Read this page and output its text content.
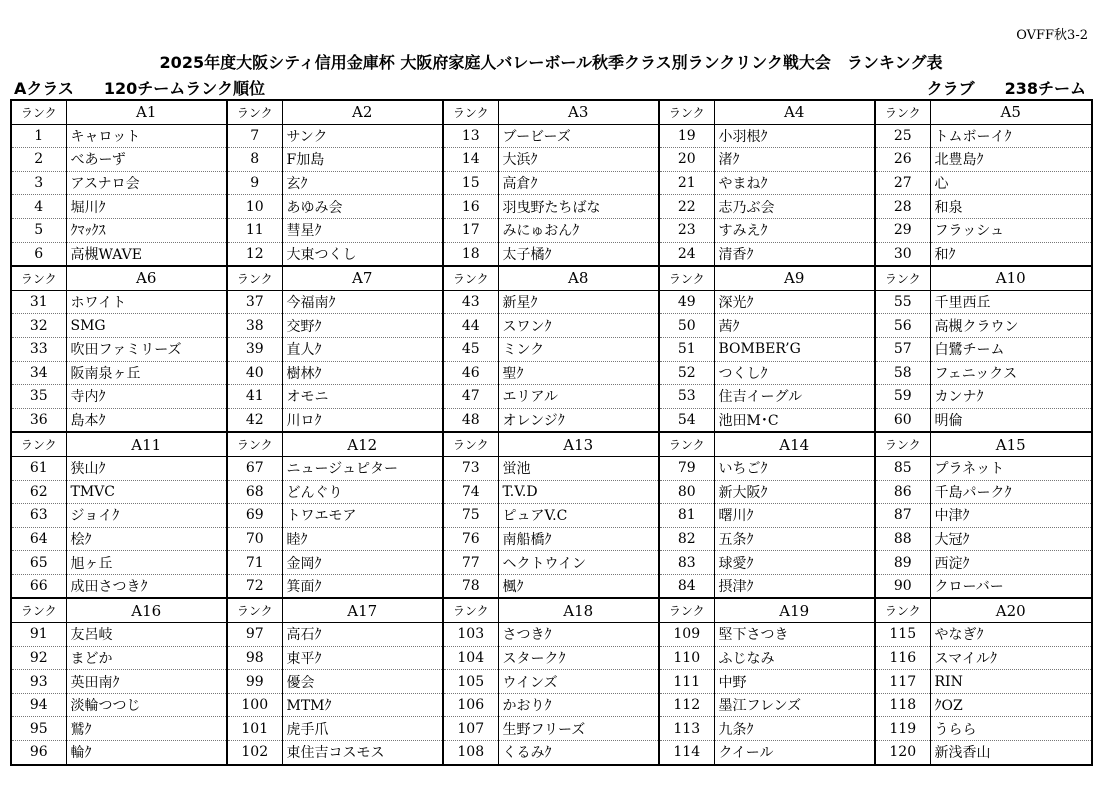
OVFF秋3-2
2025年度大阪シティ信用金庫杯 大阪府家庭人バレーボール秋季クラス別ランクリンク戦大会　ランキング表
Aクラス 120チームランク順位	クラブ 238チーム
ランク	A1	ランク	A2	ランク	A3	ランク	A4	ランク	A5
1	キャロット	7	サンク	13	ブービーズ	19	小羽根ｸ	25	トムボーイｸ
2	べあーず	8	F加島	14	大浜ｸ	20	渚ｸ	26	北豊島ｸ
3	アスナロ会	9	玄ｸ	15	高倉ｸ	21	やまねｸ	27	心
4	堀川ｸ	10	あゆみ会	16	羽曳野たちばな	22	志乃ぶ会	28	和泉
5	ｸﾏｯｸｽ	11	彗星ｸ	17	みにゅおんｸ	23	すみえｸ	29	フラッシュ
6	高槻WAVE	12	大東つくし	18	太子橘ｸ	24	清香ｸ	30	和ｸ
ランク	A6	ランク	A7	ランク	A8	ランク	A9	ランク	A10
31	ホワイト	37	今福南ｸ	43	新星ｸ	49	深光ｸ	55	千里西丘
32	SMG	38	交野ｸ	44	スワンｸ	50	茜ｸ	56	高槻クラウン
33	吹田ファミリーズ	39	直人ｸ	45	ミンク	51	BOMBER’G	57	白鷺チーム
34	阪南泉ヶ丘	40	樹林ｸ	46	聖ｸ	52	つくしｸ	58	フェニックス
35	寺内ｸ	41	オモニ	47	エリアル	53	住吉イーグル	59	カンナｸ
36	島本ｸ	42	川ロｸ	48	オレンジｸ	54	池田M･C	60	明倫
ランク	A11	ランク	A12	ランク	A13	ランク	A14	ランク	A15
61	狭山ｸ	67	ニュージュピター	73	蛍池	79	いちごｸ	85	プラネット
62	TMVC	68	どんぐり	74	T.V.D	80	新大阪ｸ	86	千島パークｸ
63	ジョイｸ	69	トワエモア	75	ピュアV.C	81	曙川ｸ	87	中津ｸ
64	桧ｸ	70	睦ｸ	76	南船橋ｸ	82	五条ｸ	88	大冠ｸ
65	旭ヶ丘	71	金岡ｸ	77	ヘクトウイン	83	球愛ｸ	89	西淀ｸ
66	成田さつきｸ	72	箕面ｸ	78	楓ｸ	84	摂津ｸ	90	クローバー
ランク	A16	ランク	A17	ランク	A18	ランク	A19	ランク	A20
91	友呂岐	97	高石ｸ	103	さつきｸ	109	堅下さつき	115	やなぎｸ
92	まどか	98	東平ｸ	104	スタークｸ	110	ふじなみ	116	スマイルｸ
93	英田南ｸ	99	優会	105	ウインズ	111	中野	117	RIN
94	淡輪つつじ	100	MTMｸ	106	かおりｸ	112	墨江フレンズ	118	ｸOZ
95	鷲ｸ	101	虎手爪	107	生野フリーズ	113	九条ｸ	119	うらら
96	輪ｸ	102	東住吉コスモス	108	くるみｸ	114	クイール	120	新浅香山
